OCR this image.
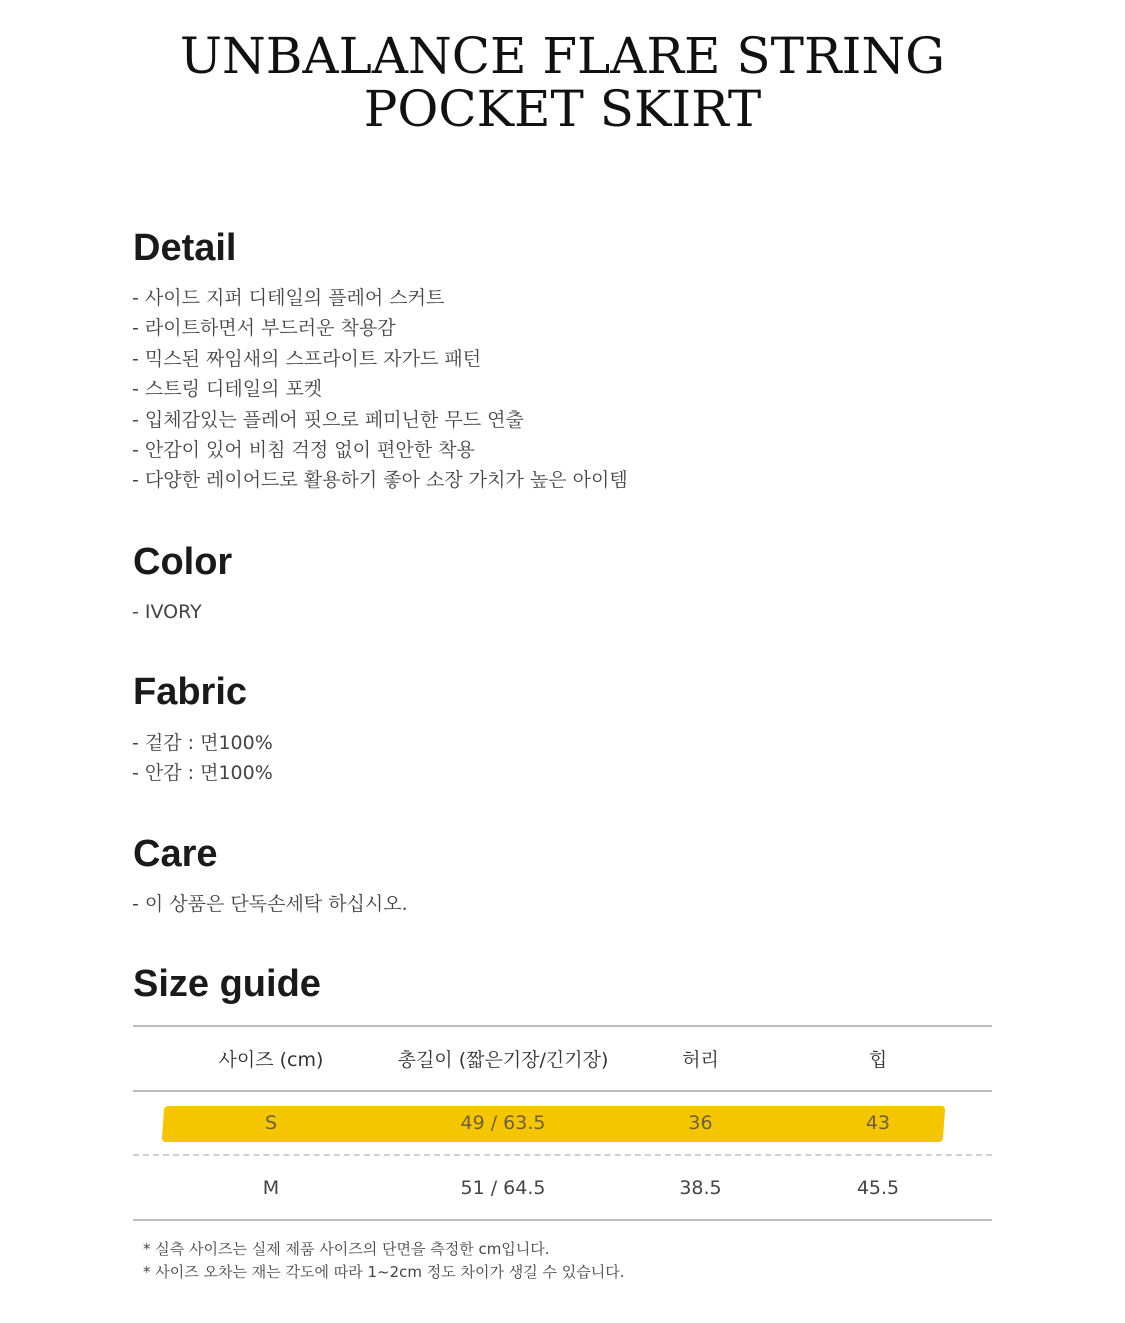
UNBALANCE FLARE STRING
POCKET SKIRT
Detail
- 사이드 지퍼 디테일의 플레어 스커트
- 라이트하면서 부드러운 착용감
- 믹스된 짜임새의 스프라이트 자가드 패턴
- 스트링 디테일의 포켓
- 입체감있는 플레어 핏으로 페미닌한 무드 연출
- 안감이 있어 비침 걱정 없이 편안한 착용
- 다양한 레이어드로 활용하기 좋아 소장 가치가 높은 아이템
Color
- IVORY
Fabric
- 겉감 : 면100%
- 안감 : 면100%
Care
- 이 상품은 단독손세탁 하십시오.
Size guide
사이즈 (cm)	총길이 (짧은기장/긴기장)	허리	힙
S	49 / 63.5	36	43
M	51 / 64.5	38.5	45.5
* 실측 사이즈는 실제 제품 사이즈의 단면을 측정한 cm입니다.
* 사이즈 오차는 재는 각도에 따라 1~2cm 정도 차이가 생길 수 있습니다.
